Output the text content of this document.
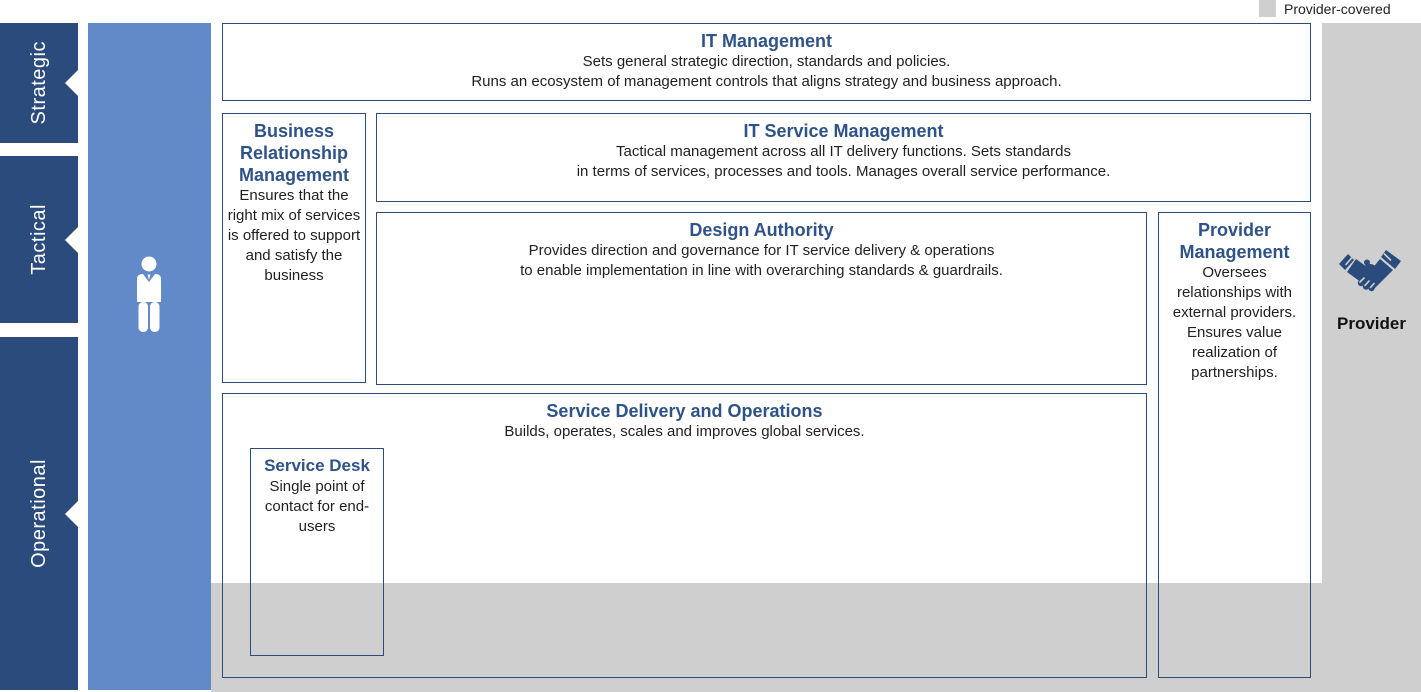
Provider-covered
Strategic
Tactical
Operational
Business/
Customer
IT Management
Sets general strategic direction, standards and policies.
Runs an ecosystem of management controls that aligns strategy and business approach.
Business Relationship Management
Ensures that the right mix of services is offered to support and satisfy the business
IT Service Management
Tactical management across all IT delivery functions. Sets standards
in terms of services, processes and tools. Manages overall service performance.
Design Authority
Provides direction and governance for IT service delivery & operations
to enable implementation in line with overarching standards & guardrails.
Provider Management
Oversees relationships with external providers. Ensures value realization of partnerships.
Service Delivery and Operations
Builds, operates, scales and improves global services.
Service Desk
Single point of contact for end-users
Provider
